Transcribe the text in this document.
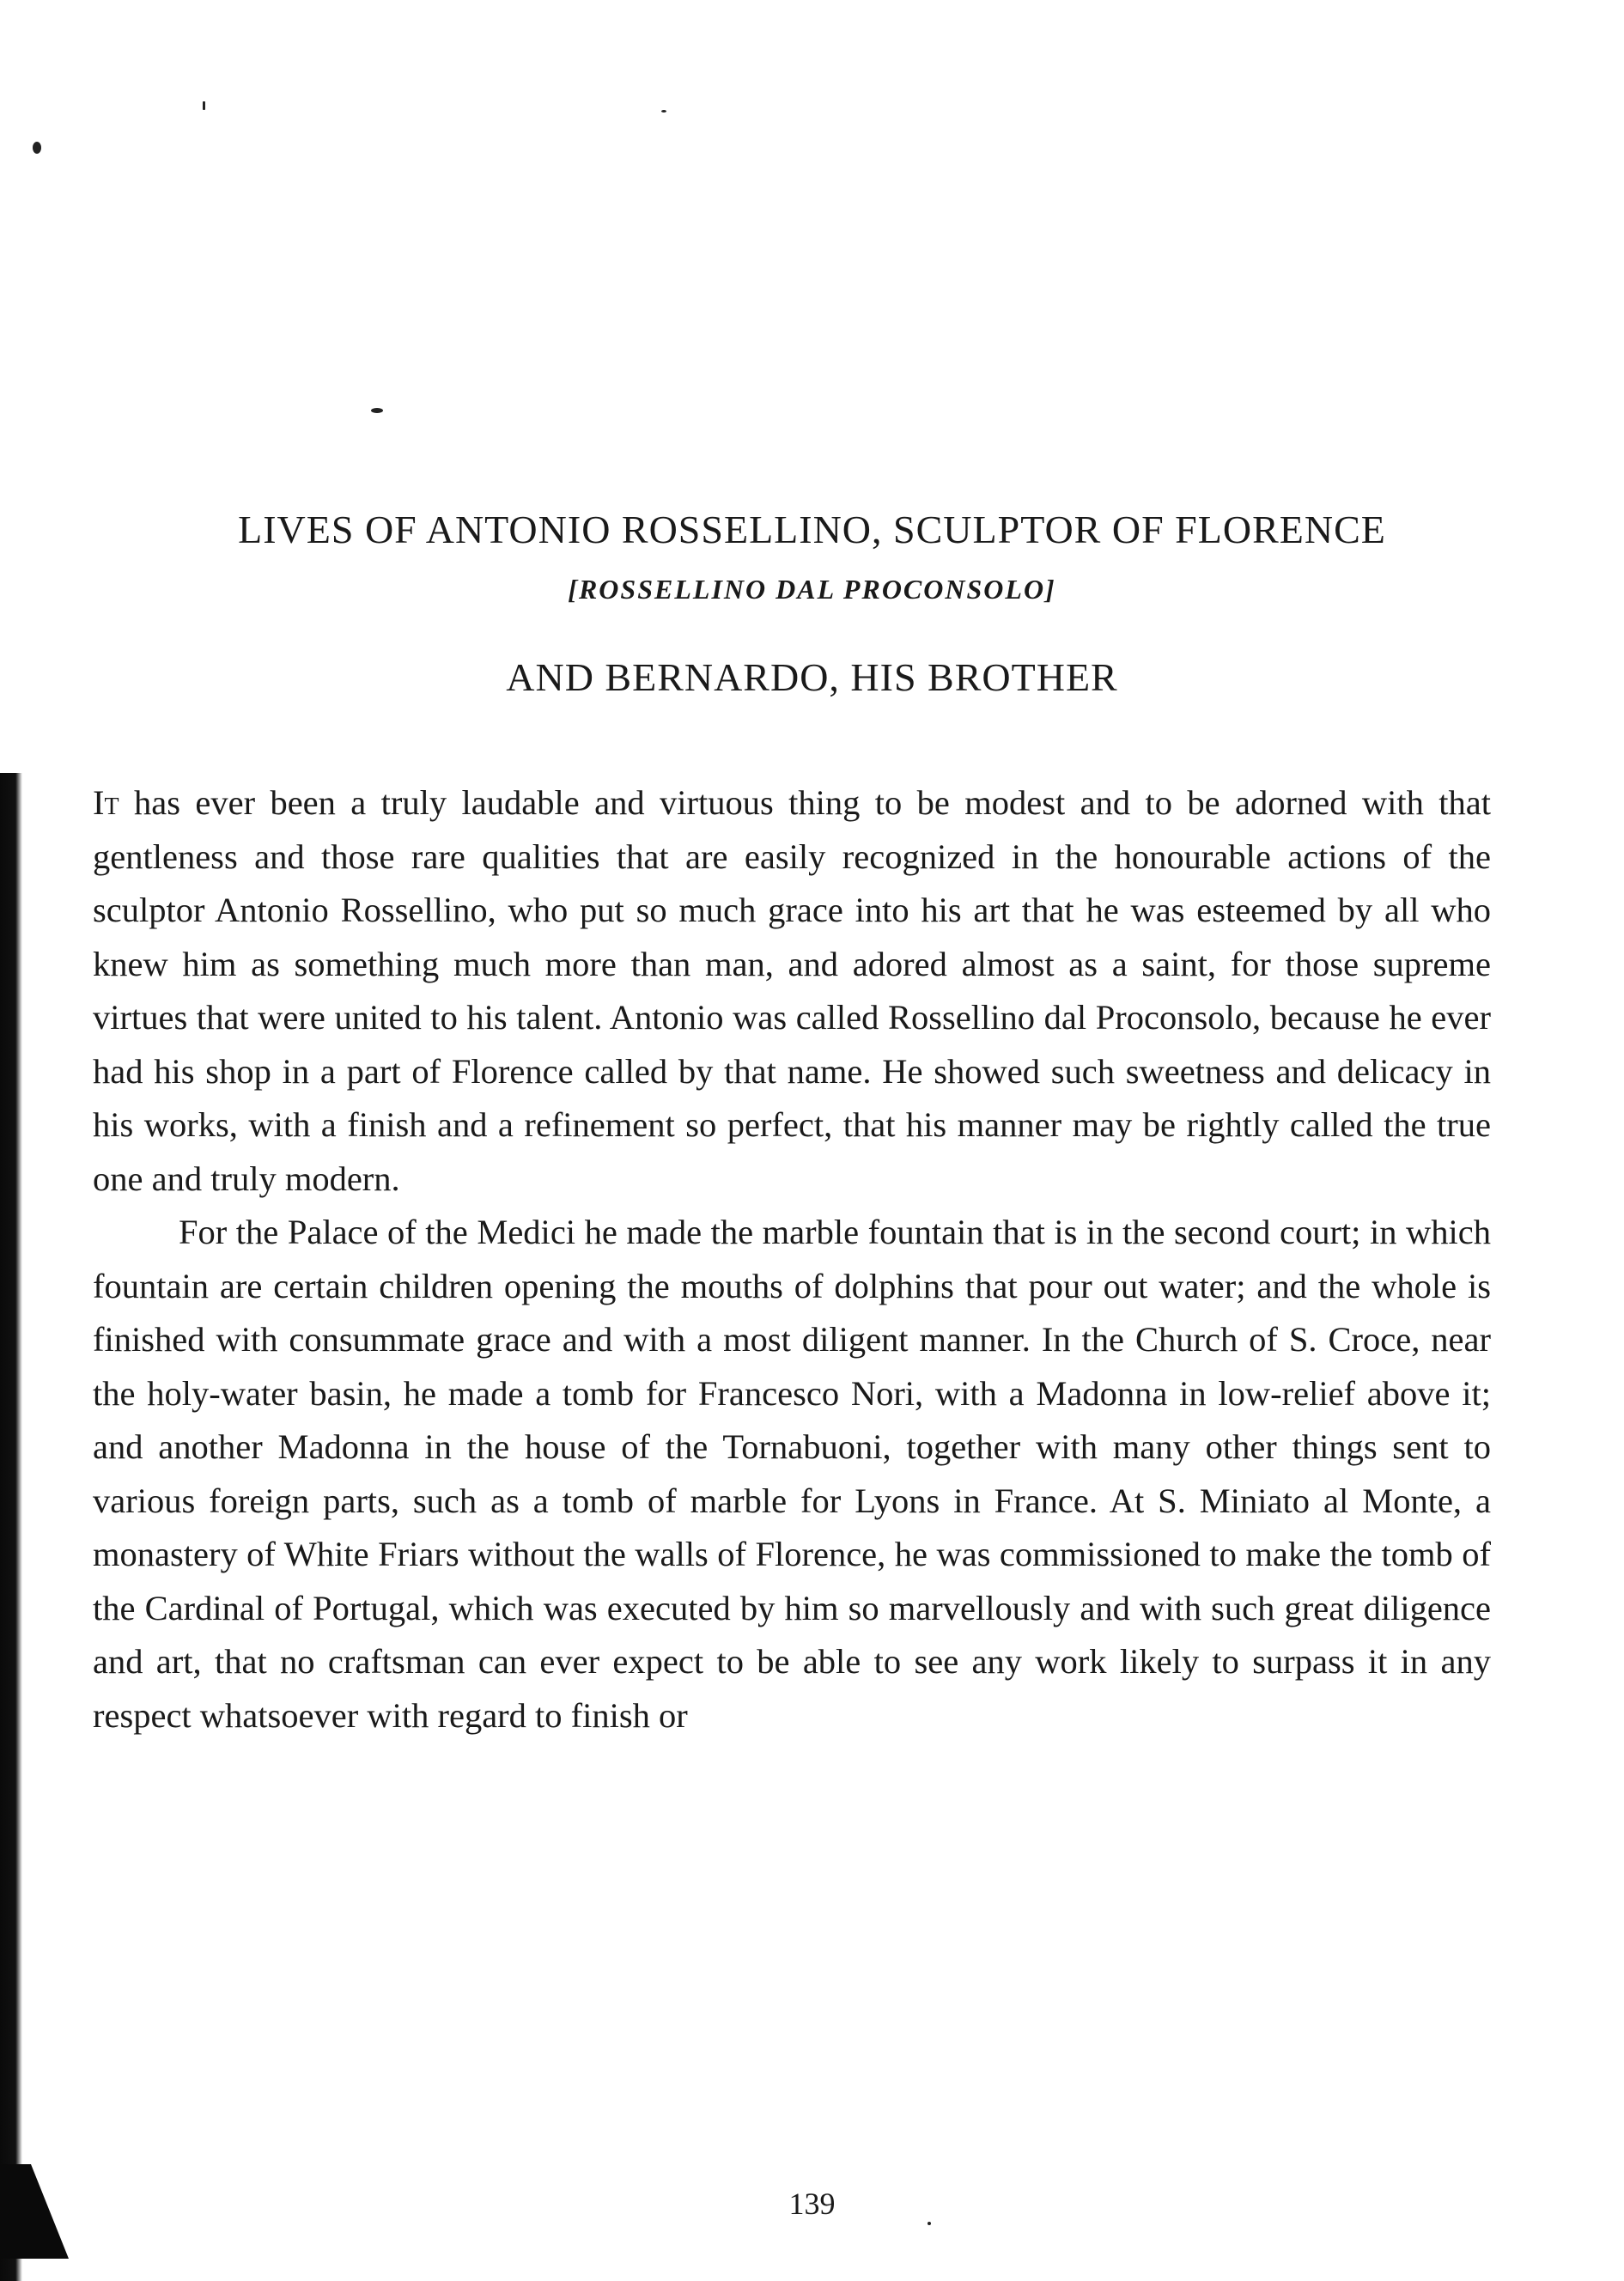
LIVES OF ANTONIO ROSSELLINO, SCULPTOR OF FLORENCE
[ROSSELLINO DAL PROCONSOLO]
AND BERNARDO, HIS BROTHER

It has ever been a truly laudable and virtuous thing to be modest and to be adorned with that gentleness and those rare qualities that are easily recognized in the honourable actions of the sculptor Antonio Rossellino, who put so much grace into his art that he was esteemed by all who knew him as something much more than man, and adored almost as a saint, for those supreme virtues that were united to his talent. Antonio was called Rossellino dal Proconsolo, because he ever had his shop in a part of Florence called by that name. He showed such sweetness and delicacy in his works, with a finish and a refinement so perfect, that his manner may be rightly called the true one and truly modern.

For the Palace of the Medici he made the marble fountain that is in the second court; in which fountain are certain children opening the mouths of dolphins that pour out water; and the whole is finished with consummate grace and with a most diligent manner. In the Church of S. Croce, near the holy-water basin, he made a tomb for Francesco Nori, with a Madonna in low-relief above it; and another Madonna in the house of the Tornabuoni, together with many other things sent to various foreign parts, such as a tomb of marble for Lyons in France. At S. Miniato al Monte, a monastery of White Friars without the walls of Florence, he was commissioned to make the tomb of the Cardinal of Portugal, which was executed by him so marvellously and with such great diligence and art, that no craftsman can ever expect to be able to see any work likely to surpass it in any respect whatsoever with regard to finish or

139
